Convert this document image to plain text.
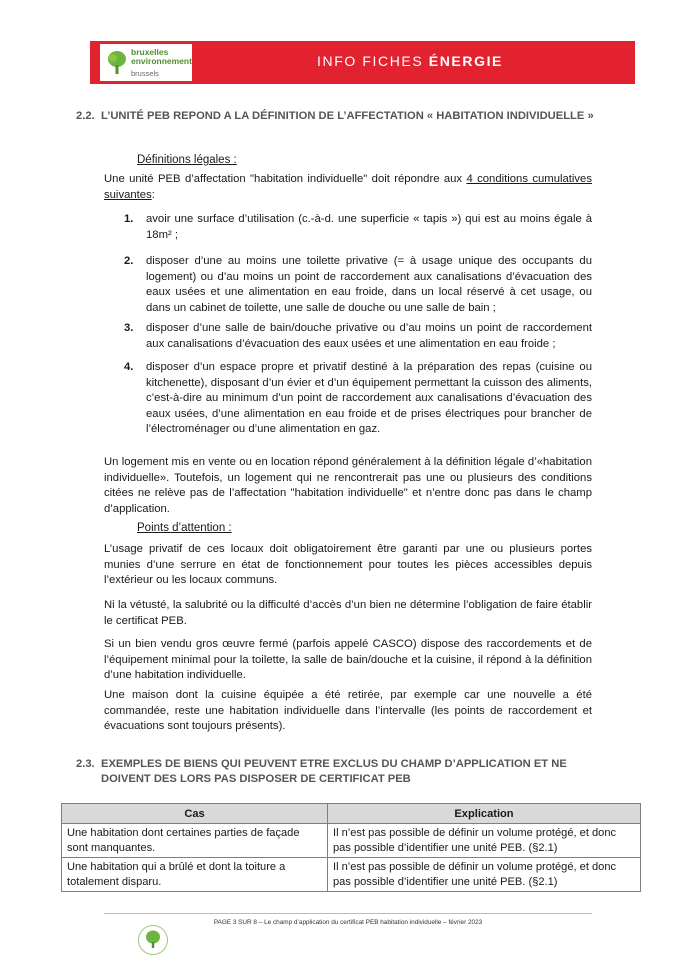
bruxelles
environnement
brussels
INFO FICHES ÉNERGIE
2.2. L’UNITÉ PEB REPOND A LA DÉFINITION DE L’AFFECTATION « HABITATION INDIVIDUELLE »
Définitions légales :
Une unité PEB d’affectation "habitation individuelle" doit répondre aux 4 conditions cumulatives suivantes:
1. avoir une surface d’utilisation (c.-à-d. une superficie « tapis ») qui est au moins égale à 18m² ;
2. disposer d’une au moins une toilette privative (= à usage unique des occupants du logement) ou d’au moins un point de raccordement aux canalisations d’évacuation des eaux usées et une alimentation en eau froide, dans un local réservé à cet usage, ou dans un cabinet de toilette, une salle de douche ou une salle de bain ;
3. disposer d’une salle de bain/douche privative ou d’au moins un point de raccordement aux canalisations d’évacuation des eaux usées et une alimentation en eau froide ;
4. disposer d’un espace propre et privatif destiné à la préparation des repas (cuisine ou kitchenette), disposant d’un évier et d’un équipement permettant la cuisson des aliments, c’est-à-dire au minimum d’un point de raccordement aux canalisations d’évacuation des eaux usées, d’une alimentation en eau froide et de prises électriques pour brancher de l’électroménager ou d’une alimentation en gaz.
Un logement mis en vente ou en location répond généralement à la définition légale d’«habitation individuelle». Toutefois, un logement qui ne rencontrerait pas une ou plusieurs des conditions citées ne relève pas de l’affectation "habitation individuelle" et n’entre donc pas dans le champ d’application.
Points d’attention :
L’usage privatif de ces locaux doit obligatoirement être garanti par une ou plusieurs portes munies d’une serrure en état de fonctionnement pour toutes les pièces accessibles depuis l’extérieur ou les locaux communs.
Ni la vétusté, la salubrité ou la difficulté d’accès d’un bien ne détermine l’obligation de faire établir le certificat PEB.
Si un bien vendu gros œuvre fermé (parfois appelé CASCO) dispose des raccordements et de l’équipement minimal pour la toilette, la salle de bain/douche et la cuisine, il répond à la définition d’une habitation individuelle.
Une maison dont la cuisine équipée a été retirée, par exemple car une nouvelle a été commandée, reste une habitation individuelle dans l’intervalle (les points de raccordement et évacuations sont toujours présents).
2.3. EXEMPLES DE BIENS QUI PEUVENT ETRE EXCLUS DU CHAMP D’APPLICATION ET NE DOIVENT DES LORS PAS DISPOSER DE CERTIFICAT PEB
Cas	Explication
Une habitation dont certaines parties de façade sont manquantes.	Il n’est pas possible de définir un volume protégé, et donc pas possible d’identifier une unité PEB. (§2.1)
Une habitation qui a brûlé et dont la toiture a totalement disparu.	Il n’est pas possible de définir un volume protégé, et donc pas possible d’identifier une unité PEB. (§2.1)
PAGE 3 SUR 8 – Le champ d’application du certificat PEB habitation individuelle – février 2023
